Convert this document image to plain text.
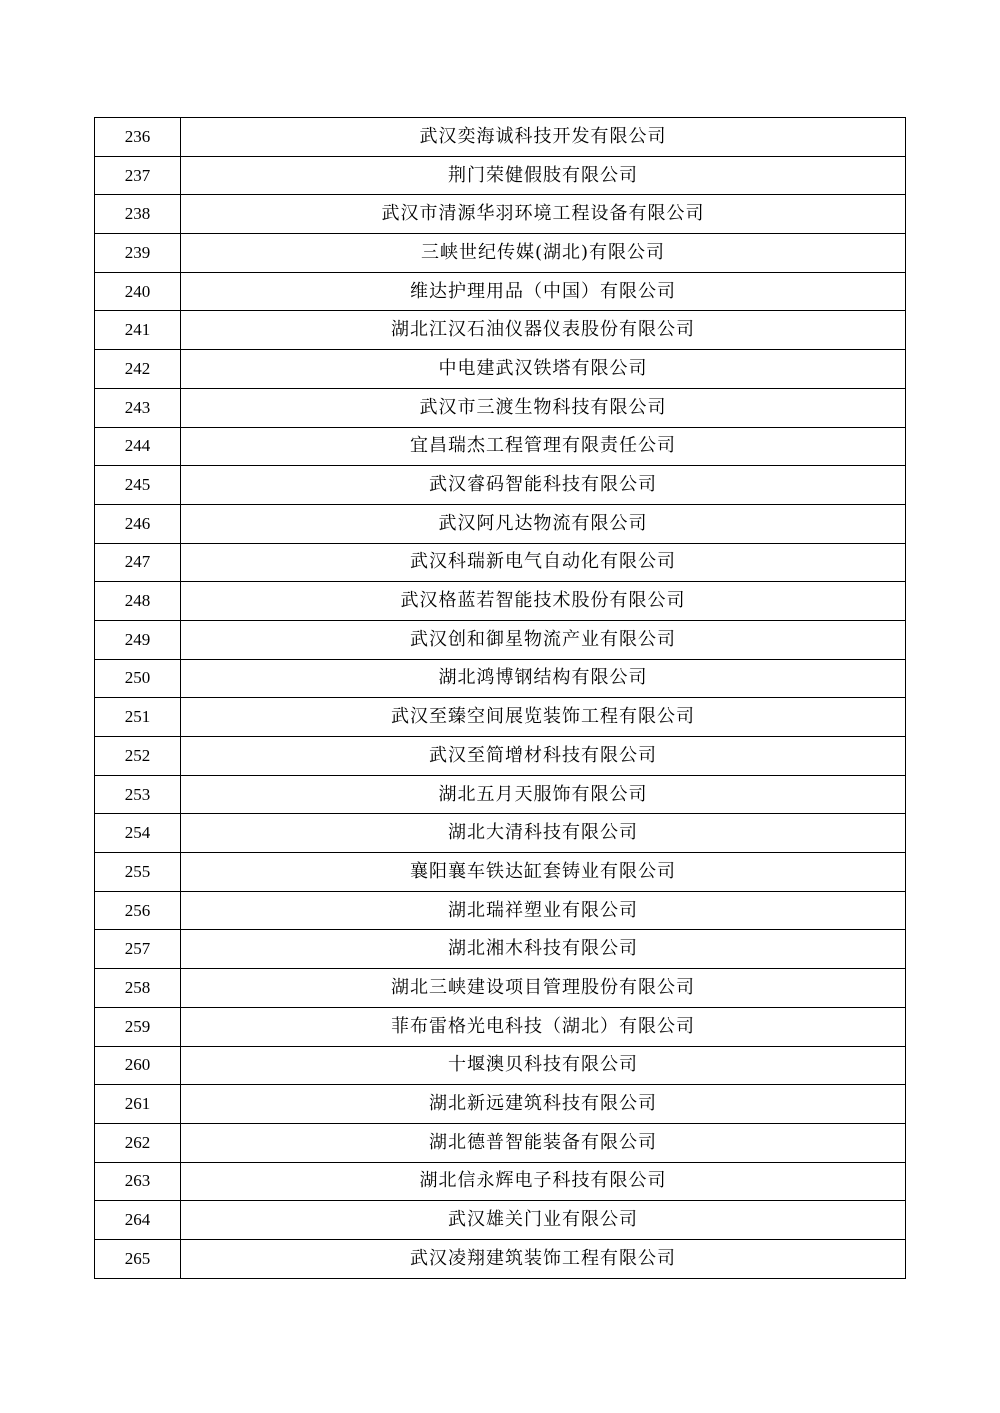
236	武汉奕海诚科技开发有限公司
237	荆门荣健假肢有限公司
238	武汉市清源华羽环境工程设备有限公司
239	三峡世纪传媒(湖北)有限公司
240	维达护理用品（中国）有限公司
241	湖北江汉石油仪器仪表股份有限公司
242	中电建武汉铁塔有限公司
243	武汉市三渡生物科技有限公司
244	宜昌瑞杰工程管理有限责任公司
245	武汉睿码智能科技有限公司
246	武汉阿凡达物流有限公司
247	武汉科瑞新电气自动化有限公司
248	武汉格蓝若智能技术股份有限公司
249	武汉创和御星物流产业有限公司
250	湖北鸿博钢结构有限公司
251	武汉至臻空间展览装饰工程有限公司
252	武汉至简增材科技有限公司
253	湖北五月天服饰有限公司
254	湖北大清科技有限公司
255	襄阳襄车铁达缸套铸业有限公司
256	湖北瑞祥塑业有限公司
257	湖北湘木科技有限公司
258	湖北三峡建设项目管理股份有限公司
259	菲布雷格光电科技（湖北）有限公司
260	十堰澳贝科技有限公司
261	湖北新远建筑科技有限公司
262	湖北德普智能装备有限公司
263	湖北信永辉电子科技有限公司
264	武汉雄关门业有限公司
265	武汉凌翔建筑装饰工程有限公司
